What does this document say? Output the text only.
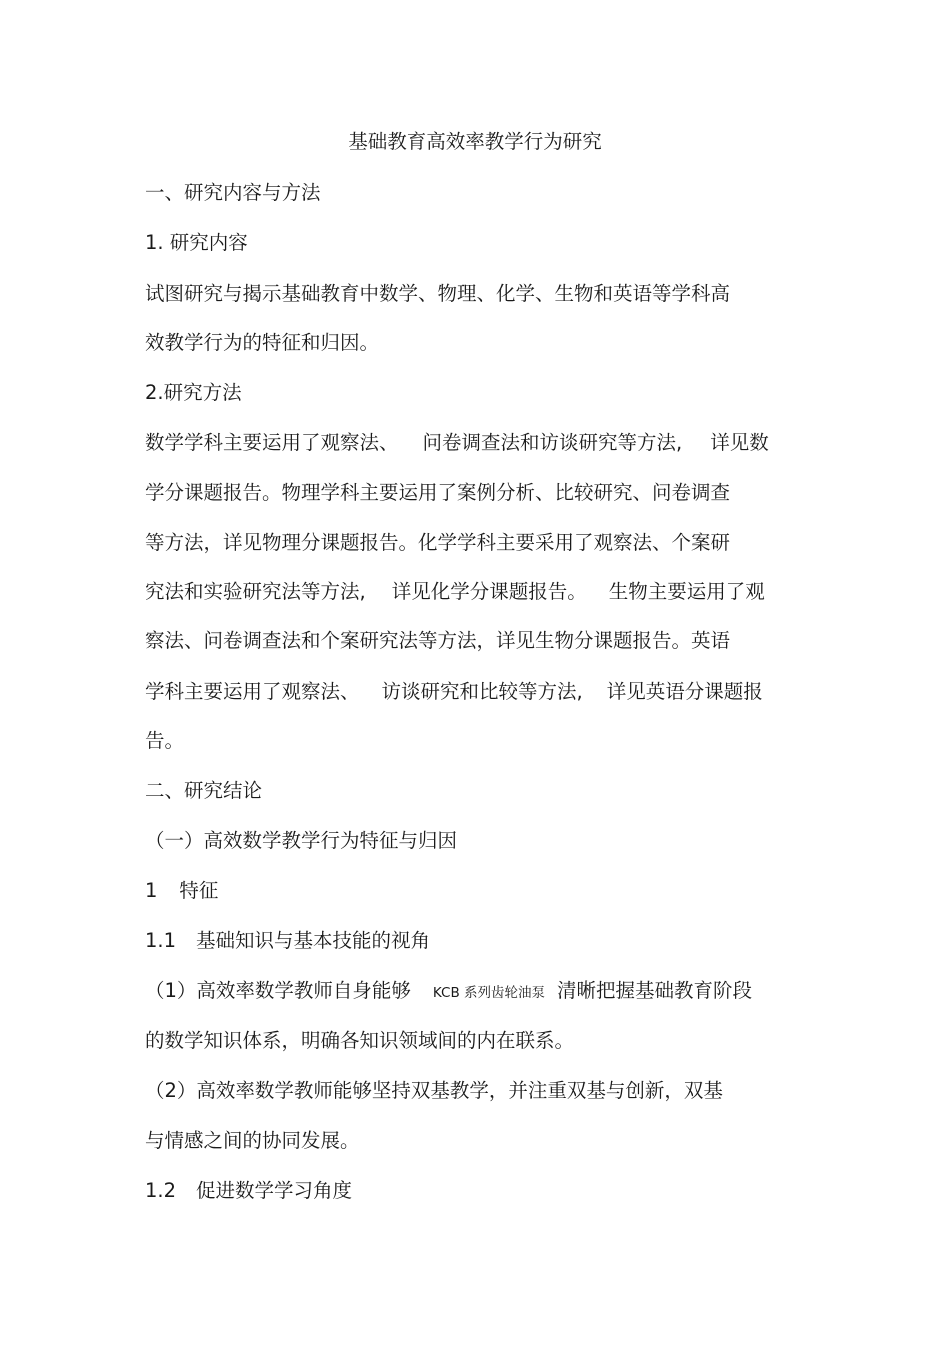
基础教育高效率教学行为研究
一、研究内容与方法
1. 研究内容
试图研究与揭示基础教育中数学、物理、化学、生物和英语等学科高
效教学行为的特征和归因。
2.研究方法
数学学科主要运用了观察法、 问卷调查法和访谈研究等方法, 详见数
学分课题报告。物理学科主要运用了案例分析、比较研究、问卷调查
等方法，详见物理分课题报告。化学学科主要采用了观察法、个案研
究法和实验研究法等方法, 详见化学分课题报告。 生物主要运用了观
察法、问卷调查法和个案研究法等方法，详见生物分课题报告。英语
学科主要运用了观察法、 访谈研究和比较等方法, 详见英语分课题报
告。
二、研究结论
（一）高效数学教学行为特征与归因
1 特征
1.1 基础知识与基本技能的视角
（1）高效率数学教师自身能够 KCB 系列齿轮油泵 清晰把握基础教育阶段
的数学知识体系，明确各知识领域间的内在联系。
（2）高效率数学教师能够坚持双基教学，并注重双基与创新，双基
与情感之间的协同发展。
1.2 促进数学学习角度
